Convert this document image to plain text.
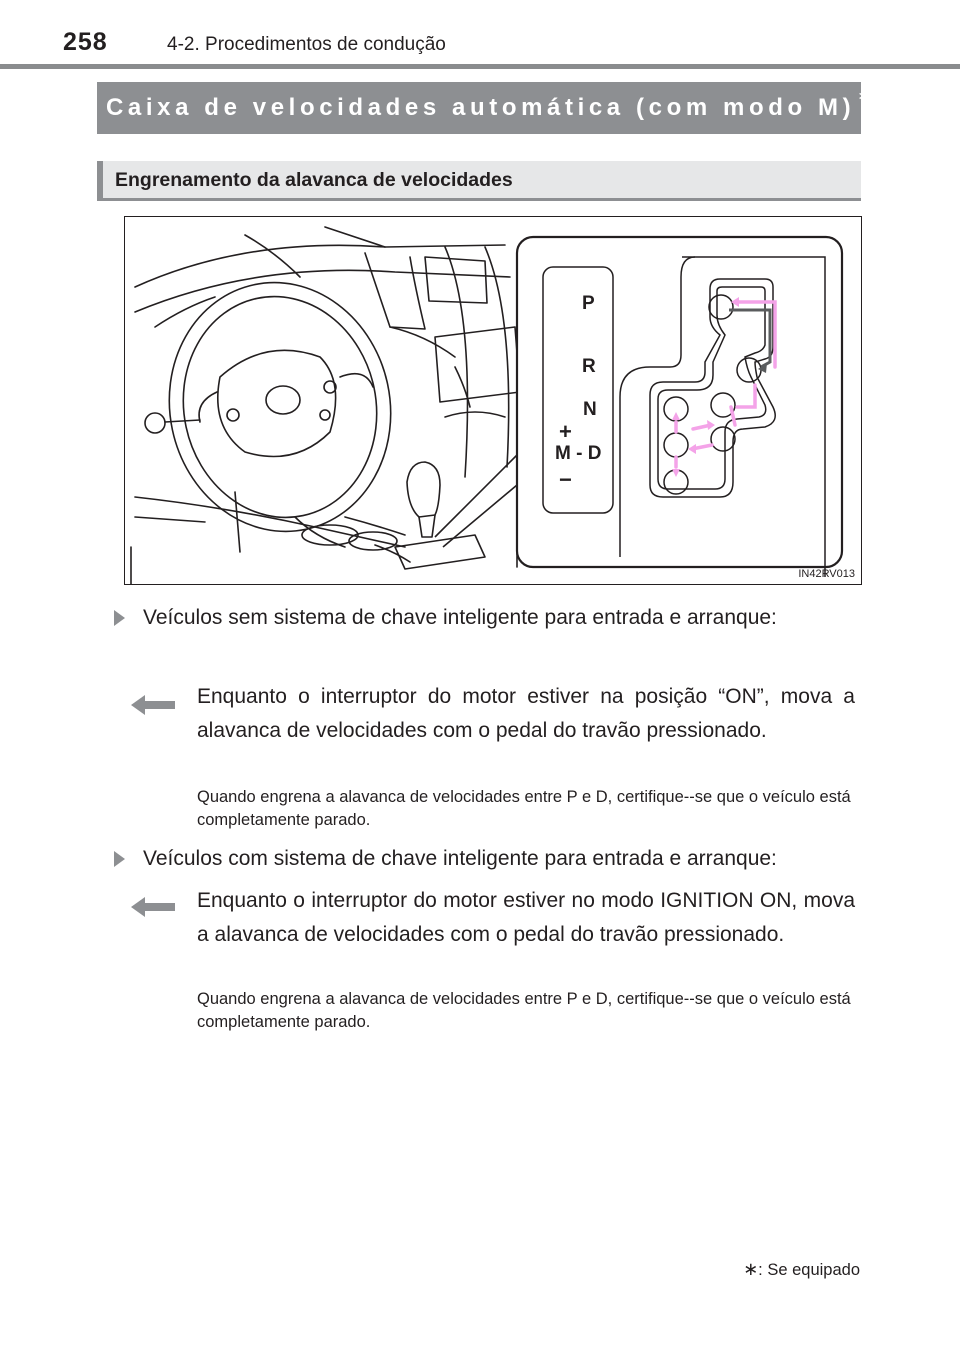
258	4-2. Procedimentos de condução
Caixa de velocidades automática (com modo M) ∗
Engrenamento da alavanca de velocidades
P
R
N
+
M - D
−
IN42RV013
Veículos sem sistema de chave inteligente para entrada e arranque:
Enquanto o interruptor do motor estiver na posição “ON”, mova a alavanca de velocidades com o pedal do travão pressionado.
Quando engrena a alavanca de velocidades entre P e D, certifique--se que o veículo está completamente parado.
Veículos com sistema de chave inteligente para entrada e arranque:
Enquanto o interruptor do motor estiver no modo IGNITION ON, mova a alavanca de velocidades com o pedal do travão pressionado.
Quando engrena a alavanca de velocidades entre P e D, certifique--se que o veículo está completamente parado.
∗: Se equipado
